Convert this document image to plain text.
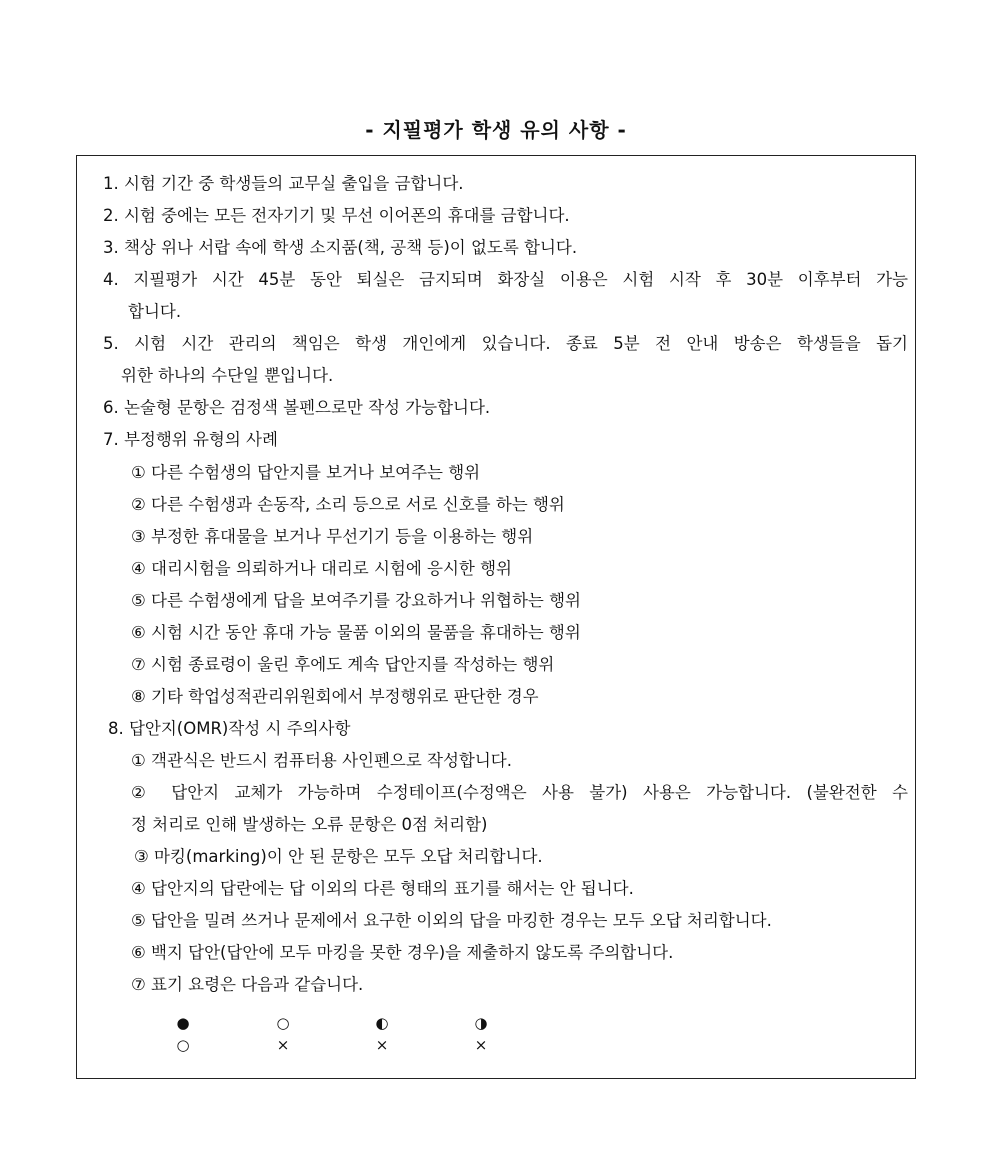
- 지필평가 학생 유의 사항 -
1. 시험 기간 중 학생들의 교무실 출입을 금합니다.
2. 시험 중에는 모든 전자기기 및 무선 이어폰의 휴대를 금합니다.
3. 책상 위나 서랍 속에 학생 소지품(책, 공책 등)이 없도록 합니다.
4. 지필평가 시간 45분 동안 퇴실은 금지되며 화장실 이용은 시험 시작 후 30분 이후부터 가능
합니다.
5. 시험 시간 관리의 책임은 학생 개인에게 있습니다. 종료 5분 전 안내 방송은 학생들을 돕기
위한 하나의 수단일 뿐입니다.
6. 논술형 문항은 검정색 볼펜으로만 작성 가능합니다.
7. 부정행위 유형의 사례
① 다른 수험생의 답안지를 보거나 보여주는 행위
② 다른 수험생과 손동작, 소리 등으로 서로 신호를 하는 행위
③ 부정한 휴대물을 보거나 무선기기 등을 이용하는 행위
④ 대리시험을 의뢰하거나 대리로 시험에 응시한 행위
⑤ 다른 수험생에게 답을 보여주기를 강요하거나 위협하는 행위
⑥ 시험 시간 동안 휴대 가능 물품 이외의 물품을 휴대하는 행위
⑦ 시험 종료령이 울린 후에도 계속 답안지를 작성하는 행위
⑧ 기타 학업성적관리위원회에서 부정행위로 판단한 경우
8. 답안지(OMR)작성 시 주의사항
① 객관식은 반드시 컴퓨터용 사인펜으로 작성합니다.
② 답안지 교체가 가능하며 수정테이프(수정액은 사용 불가) 사용은 가능합니다. (불완전한 수
정 처리로 인해 발생하는 오류 문항은 0점 처리함)
③ 마킹(marking)이 안 된 문항은 모두 오답 처리합니다.
④ 답안지의 답란에는 답 이외의 다른 형태의 표기를 해서는 안 됩니다.
⑤ 답안을 밀려 쓰거나 문제에서 요구한 이외의 답을 마킹한 경우는 모두 오답 처리합니다.
⑥ 백지 답안(답안에 모두 마킹을 못한 경우)을 제출하지 않도록 주의합니다.
⑦ 표기 요령은 다음과 같습니다.
●	○	◐	◑
○	×	×	×
